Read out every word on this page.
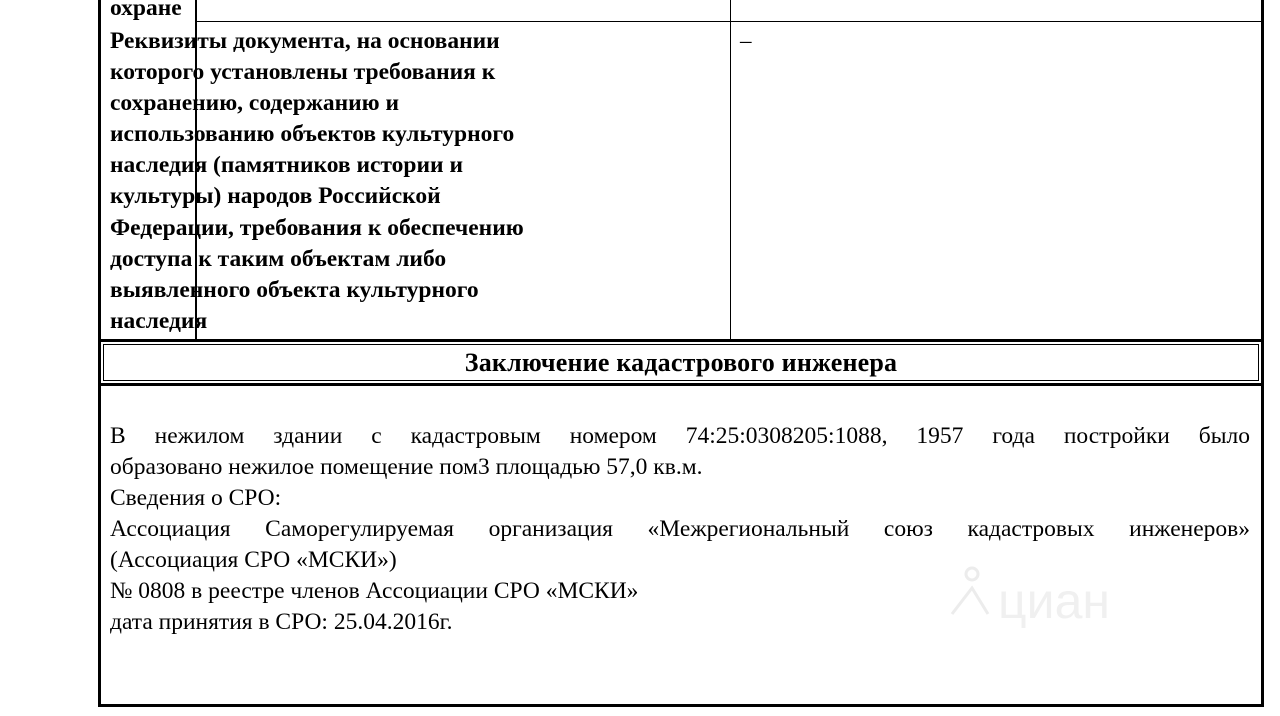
охране
Реквизиты документа, на основании
которого установлены требования к
сохранению, содержанию и
использованию объектов культурного
наследия (памятников истории и
культуры) народов Российской
Федерации, требования к обеспечению
доступа к таким объектам либо
выявленного объекта культурного
наследия
–
Заключение кадастрового инженера
В нежилом здании с кадастровым номером 74:25:0308205:1088, 1957 года постройки было
образовано нежилое помещение пом3 площадью 57,0 кв.м.
Сведения о СРО:
Ассоциация Саморегулируемая организация «Межрегиональный союз кадастровых инженеров»
(Ассоциация СРО «МСКИ»)
№ 0808 в реестре членов Ассоциации СРО «МСКИ»
дата принятия в СРО: 25.04.2016г.	циан
